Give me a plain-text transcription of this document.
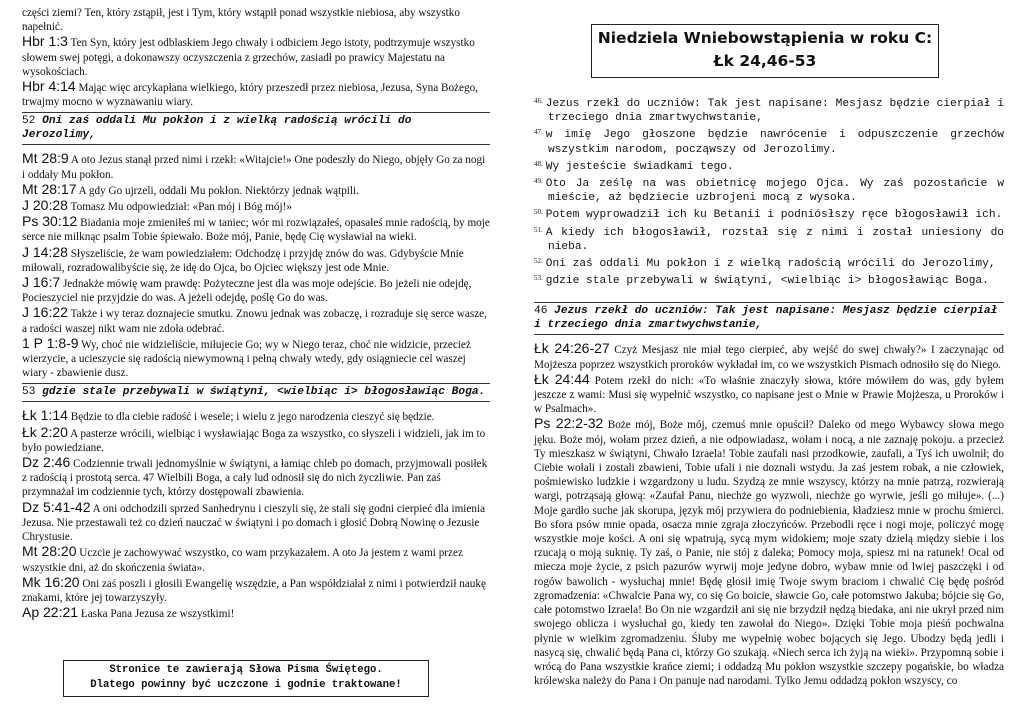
części ziemi? Ten, który zstąpił, jest i Tym, który wstąpił ponad wszystkie niebiosa, aby wszystko napełnić.

Hbr 1:3 Ten Syn, który jest odblaskiem Jego chwały i odbiciem Jego istoty, podtrzymuje wszystko słowem swej potęgi, a dokonawszy oczyszczenia z grzechów, zasiadł po prawicy Majestatu na wysokościach.

Hbr 4:14 Mając więc arcykapłana wielkiego, który przeszedł przez niebiosa, Jezusa, Syna Bożego, trwajmy mocno w wyznawaniu wiary.

52 Oni zaś oddali Mu pokłon i z wielką radością wrócili do Jerozolimy,

Mt 28:9 A oto Jezus stanął przed nimi i rzekł: «Witajcie!» One podeszły do Niego, objęły Go za nogi i oddały Mu pokłon.

Mt 28:17 A gdy Go ujrzeli, oddali Mu pokłon. Niektórzy jednak wątpili.

J 20:28 Tomasz Mu odpowiedział: «Pan mój i Bóg mój!»

Ps 30:12 Biadania moje zmieniłeś mi w taniec; wór mi rozwiązałeś, opasałeś mnie radością, by moje serce nie milknąc psalm Tobie śpiewało. Boże mój, Panie, będę Cię wysławiał na wieki.

J 14:28 Słyszeliście, że wam powiedziałem: Odchodzę i przyjdę znów do was. Gdybyście Mnie miłowali, rozradowalibyście się, że idę do Ojca, bo Ojciec większy jest ode Mnie.

J 16:7 Jednakże mówię wam prawdę: Pożyteczne jest dla was moje odejście. Bo jeżeli nie odejdę, Pocieszyciel nie przyjdzie do was. A jeżeli odejdę, poślę Go do was.

J 16:22 Także i wy teraz doznajecie smutku. Znowu jednak was zobaczę, i rozraduje się serce wasze, a radości waszej nikt wam nie zdoła odebrać.

1 P 1:8-9 Wy, choć nie widzieliście, miłujecie Go; wy w Niego teraz, choć nie widzicie, przecież wierzycie, a ucieszycie się radością niewymowną i pełną chwały wtedy, gdy osiągniecie cel waszej wiary - zbawienie dusz.

53 gdzie stale przebywali w świątyni, <wielbiąc i> błogosławiąc Boga.

Łk 1:14 Będzie to dla ciebie radość i wesele; i wielu z jego narodzenia cieszyć się będzie.

Łk 2:20 A pasterze wrócili, wielbiąc i wysławiając Boga za wszystko, co słyszeli i widzieli, jak im to było powiedziane.

Dz 2:46 Codziennie trwali jednomyślnie w świątyni, a łamiąc chleb po domach, przyjmowali posiłek z radością i prostotą serca. 47 Wielbili Boga, a cały lud odnosił się do nich życzliwie. Pan zaś przymnażał im codziennie tych, którzy dostępowali zbawienia.

Dz 5:41-42 A oni odchodzili sprzed Sanhedrynu i cieszyli się, że stali się godni cierpieć dla imienia Jezusa. Nie przestawali też co dzień nauczać w świątyni i po domach i głosić Dobrą Nowinę o Jezusie Chrystusie.

Mt 28:20 Uczcie je zachowywać wszystko, co wam przykazałem. A oto Ja jestem z wami przez wszystkie dni, aż do skończenia świata».

Mk 16:20 Oni zaś poszli i głosili Ewangelię wszędzie, a Pan współdziałał z nimi i potwierdził naukę znakami, które jej towarzyszyły.

Ap 22:21 Łaska Pana Jezusa ze wszystkimi!

Stronice te zawierają Słowa Pisma Świętego.
Dlatego powinny być uczczone i godnie traktowane!
Niedziela Wniebowstąpienia w roku C:
Łk 24,46-53

$^{46.}$ Jezus rzekł do uczniów: Tak jest napisane: Mesjasz będzie cierpiał i trzeciego dnia zmartwychwstanie,

$^{47.}$ w imię Jego głoszone będzie nawrócenie i odpuszczenie grzechów wszystkim narodom, począwszy od Jerozolimy.

$^{48.}$ Wy jesteście świadkami tego.

$^{49.}$ Oto Ja ześlę na was obietnicę mojego Ojca. Wy zaś pozostańcie w mieście, aż będziecie uzbrojeni mocą z wysoka.

$^{50.}$ Potem wyprowadził ich ku Betanii i podniósłszy ręce błogosławił ich.

$^{51.}$ A kiedy ich błogosławił, rozstał się z nimi i został uniesiony do nieba.

$^{52.}$ Oni zaś oddali Mu pokłon i z wielką radością wrócili do Jerozolimy,

$^{53.}$ gdzie stale przebywali w świątyni, <wielbiąc i> błogosławiąc Boga.

46 Jezus rzekł do uczniów: Tak jest napisane: Mesjasz będzie cierpiał i trzeciego dnia zmartwychwstanie,

Łk 24:26-27 Czyż Mesjasz nie miał tego cierpieć, aby wejść do swej chwały?» I zaczynając od Mojżesza poprzez wszystkich proroków wykładał im, co we wszystkich Pismach odnosiło się do Niego.

Łk 24:44 Potem rzekł do nich: «To właśnie znaczyły słowa, które mówiłem do was, gdy byłem jeszcze z wami: Musi się wypełnić wszystko, co napisane jest o Mnie w Prawie Mojżesza, u Proroków i w Psalmach».

Ps 22:2-32 Boże mój, Boże mój, czemuś mnie opuścił? Daleko od mego Wybawcy słowa mego jęku. Boże mój, wołam przez dzień, a nie odpowiadasz, wołam i nocą, a nie zaznaję pokoju. a przecież Ty mieszkasz w świątyni, Chwało Izraela! Tobie zaufali nasi przodkowie, zaufali, a Tyś ich uwolnił; do Ciebie wołali i zostali zbawieni, Tobie ufali i nie doznali wstydu. Ja zaś jestem robak, a nie człowiek, pośmiewisko ludzkie i wzgardzony u ludu. Szydzą ze mnie wszyscy, którzy na mnie patrzą, rozwierają wargi, potrząsają głową: «Zaufał Panu, niechże go wyzwoli, niechże go wyrwie, jeśli go miłuje». (...) Moje gardło suche jak skorupa, język mój przywiera do podniebienia, kładziesz mnie w prochu śmierci. Bo sfora psów mnie opada, osacza mnie zgraja złoczyńców. Przebodli ręce i nogi moje, policzyć mogę wszystkie moje kości. A oni się wpatrują, sycą mym widokiem; moje szaty dzielą między siebie i los rzucają o moją suknię. Ty zaś, o Panie, nie stój z daleka; Pomocy moja, spiesz mi na ratunek! Ocal od miecza moje życie, z psich pazurów wyrwij moje jedyne dobro, wybaw mnie od lwiej paszczęki i od rogów bawolich - wysłuchaj mnie! Będę głosił imię Twoje swym braciom i chwalić Cię będę pośród zgromadzenia: «Chwalcie Pana wy, co się Go boicie, sławcie Go, całe potomstwo Jakuba; bójcie się Go, całe potomstwo Izraela! Bo On nie wzgardził ani się nie brzydził nędzą biedaka, ani nie ukrył przed nim swojego oblicza i wysłuchał go, kiedy ten zawołał do Niego». Dzięki Tobie moja pieśń pochwalna płynie w wielkim zgromadzeniu. Śluby me wypełnię wobec bojących się Jego. Ubodzy będą jedli i nasycą się, chwalić będą Pana ci, którzy Go szukają. «Niech serca ich żyją na wieki». Przypomną sobie i wrócą do Pana wszystkie krańce ziemi; i oddadzą Mu pokłon wszystkie szczepy pogańskie, bo władza królewska należy do Pana i On panuje nad narodami. Tylko Jemu oddadzą pokłon wszyscy, co
